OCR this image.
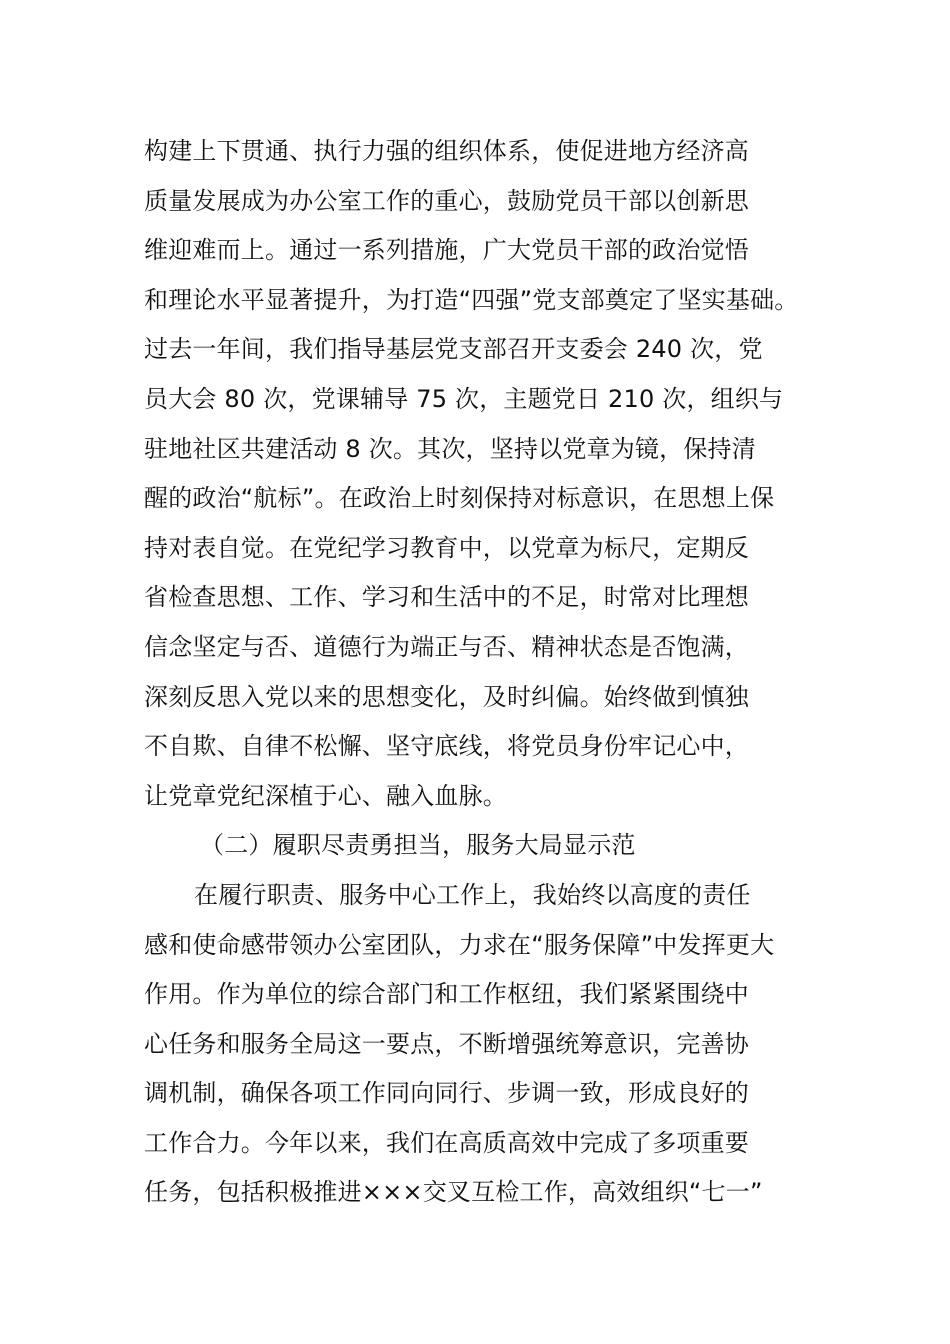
构建上下贯通、执行力强的组织体系，使促进地方经济高
质量发展成为办公室工作的重心，鼓励党员干部以创新思
维迎难而上。通过一系列措施，广大党员干部的政治觉悟
和理论水平显著提升，为打造“四强”党支部奠定了坚实基础。
过去一年间，我们指导基层党支部召开支委会 240 次，党
员大会 80 次，党课辅导 75 次，主题党日 210 次，组织与
驻地社区共建活动 8 次。其次，坚持以党章为镜，保持清
醒的政治“航标”。在政治上时刻保持对标意识，在思想上保
持对表自觉。在党纪学习教育中，以党章为标尺，定期反
省检查思想、工作、学习和生活中的不足，时常对比理想
信念坚定与否、道德行为端正与否、精神状态是否饱满，
深刻反思入党以来的思想变化，及时纠偏。始终做到慎独
不自欺、自律不松懈、坚守底线，将党员身份牢记心中，
让党章党纪深植于心、融入血脉。
（二）履职尽责勇担当，服务大局显示范
在履行职责、服务中心工作上，我始终以高度的责任
感和使命感带领办公室团队，力求在“服务保障”中发挥更大
作用。作为单位的综合部门和工作枢纽，我们紧紧围绕中
心任务和服务全局这一要点，不断增强统筹意识，完善协
调机制，确保各项工作同向同行、步调一致，形成良好的
工作合力。今年以来，我们在高质高效中完成了多项重要
任务，包括积极推进×××交叉互检工作，高效组织“七一”
